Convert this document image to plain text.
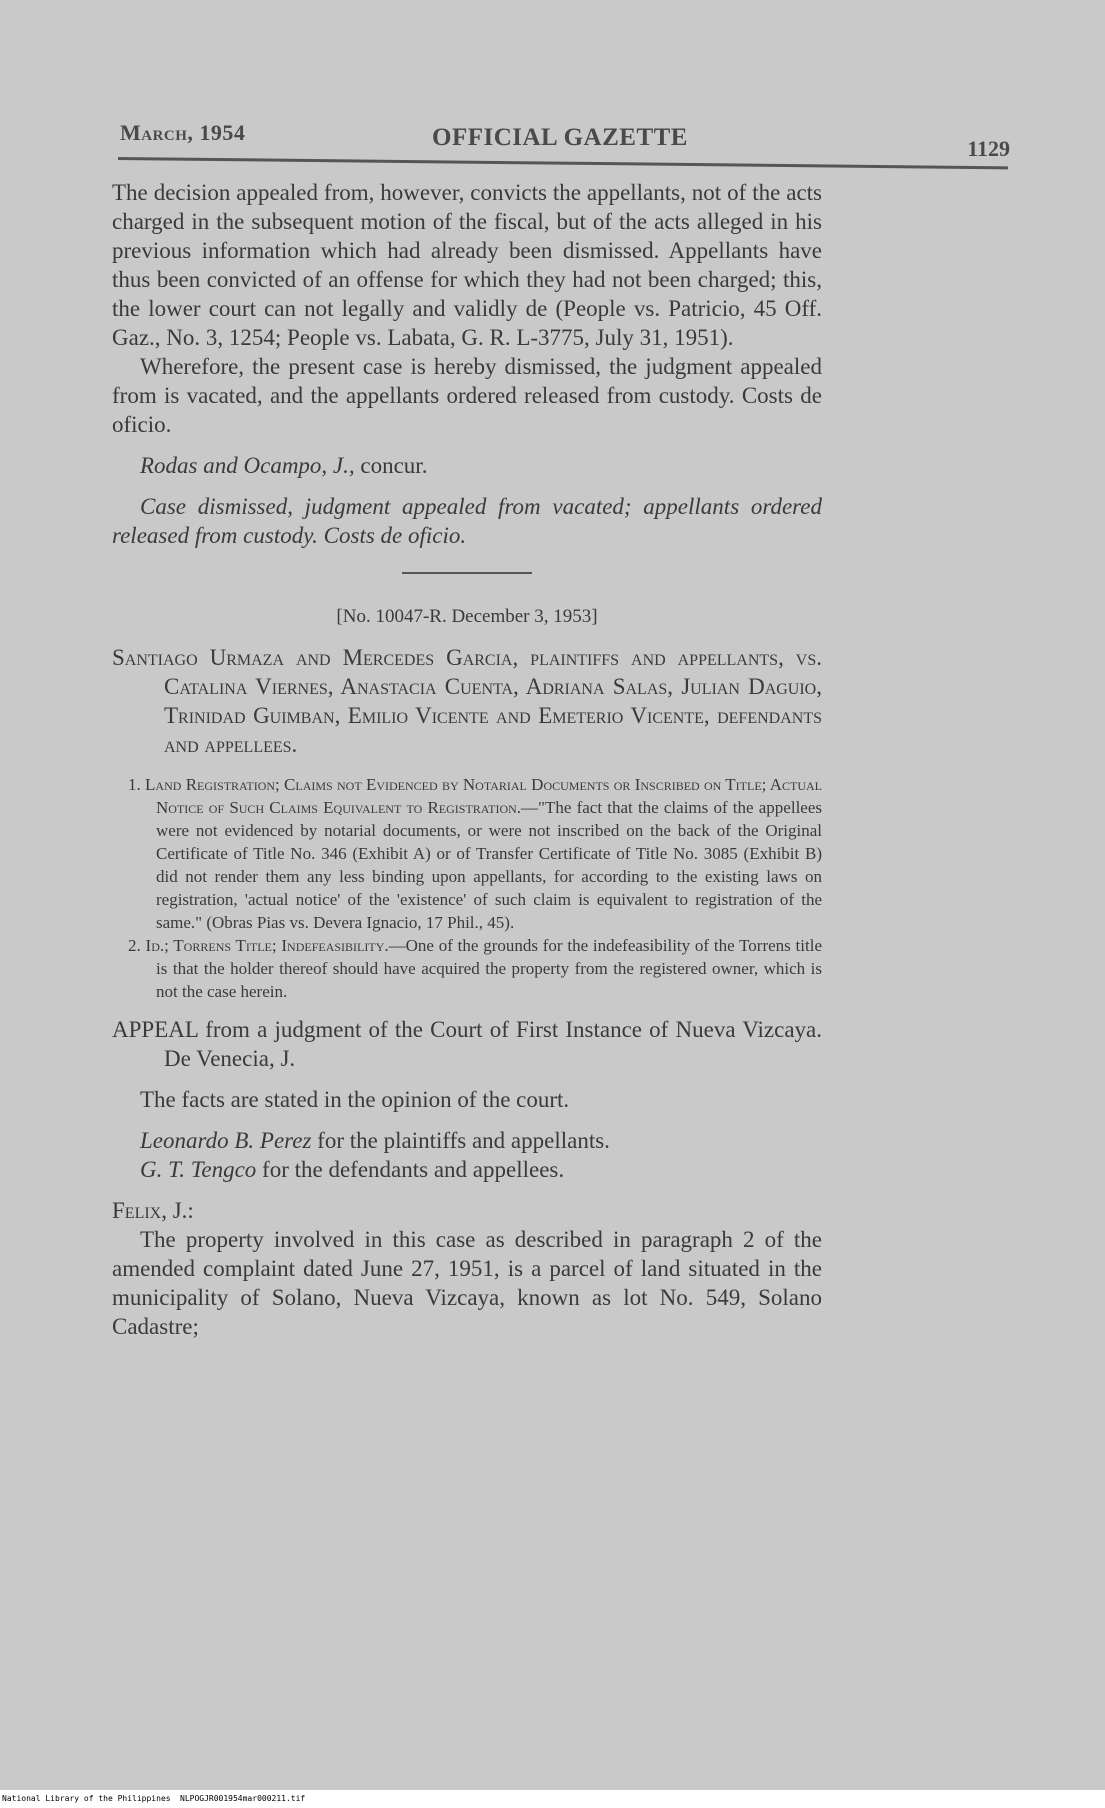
March, 1954	OFFICIAL GAZETTE	1129

The decision appealed from, however, convicts the appellants, not of the acts charged in the subsequent motion of the fiscal, but of the acts alleged in his previous information which had already been dismissed. Appellants have thus been convicted of an offense for which they had not been charged; this, the lower court can not legally and validly de (People vs. Patricio, 45 Off. Gaz., No. 3, 1254; People vs. Labata, G. R. L-3775, July 31, 1951).

Wherefore, the present case is hereby dismissed, the judgment appealed from is vacated, and the appellants ordered released from custody. Costs de oficio.

Rodas and Ocampo, J., concur.

Case dismissed, judgment appealed from vacated; appellants ordered released from custody. Costs de oficio.

[No. 10047-R. December 3, 1953]

Santiago Urmaza and Mercedes Garcia, plaintiffs and appellants, vs. Catalina Viernes, Anastacia Cuenta, Adriana Salas, Julian Daguio, Trinidad Guimban, Emilio Vicente and Emeterio Vicente, defendants and appellees.

1. Land Registration; Claims not Evidenced by Notarial Documents or Inscribed on Title; Actual Notice of Such Claims Equivalent to Registration.—"The fact that the claims of the appellees were not evidenced by notarial documents, or were not inscribed on the back of the Original Certificate of Title No. 346 (Exhibit A) or of Transfer Certificate of Title No. 3085 (Exhibit B) did not render them any less binding upon appellants, for according to the existing laws on registration, 'actual notice' of the 'existence' of such claim is equivalent to registration of the same." (Obras Pias vs. Devera Ignacio, 17 Phil., 45).

2. Id.; Torrens Title; Indefeasibility.—One of the grounds for the indefeasibility of the Torrens title is that the holder thereof should have acquired the property from the registered owner, which is not the case herein.

APPEAL from a judgment of the Court of First Instance of Nueva Vizcaya. De Venecia, J.

The facts are stated in the opinion of the court.

Leonardo B. Perez for the plaintiffs and appellants.

G. T. Tengco for the defendants and appellees.

Felix, J.:

The property involved in this case as described in paragraph 2 of the amended complaint dated June 27, 1951, is a parcel of land situated in the municipality of Solano, Nueva Vizcaya, known as lot No. 549, Solano Cadastre;

National Library of the Philippines NLPOGJR001954mar000211.tif
